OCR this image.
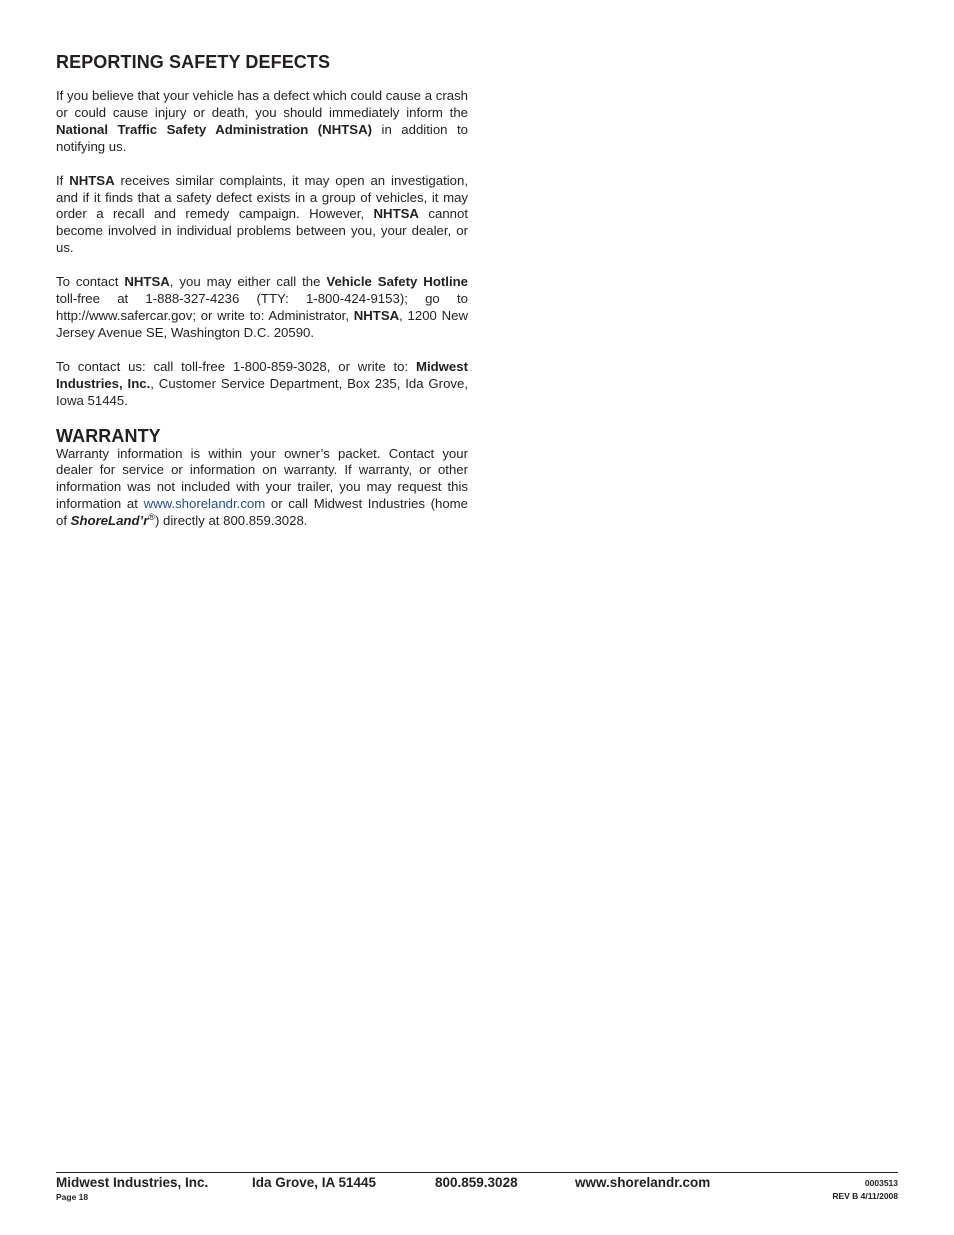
REPORTING SAFETY DEFECTS

If you believe that your vehicle has a defect which could cause a crash or could cause injury or death, you should immediately inform the National Traffic Safety Administration (NHTSA) in addition to notifying us.

If NHTSA receives similar complaints, it may open an investigation, and if it finds that a safety defect exists in a group of vehicles, it may order a recall and remedy campaign. However, NHTSA cannot become involved in individual problems between you, your dealer, or us.

To contact NHTSA, you may either call the Vehicle Safety Hotline toll-free at 1-888-327-4236 (TTY: 1-800-424-9153); go to http://www.safercar.gov; or write to: Administrator, NHTSA, 1200 New Jersey Avenue SE, Washington D.C. 20590.

To contact us: call toll-free 1-800-859-3028, or write to: Midwest Industries, Inc., Customer Service Department, Box 235, Ida Grove, Iowa 51445.

WARRANTY

Warranty information is within your owner’s packet. Contact your dealer for service or information on warranty. If warranty, or other information was not included with your trailer, you may request this information at www.shorelandr.com or call Midwest Industries (home of ShoreLand’r®) directly at 800.859.3028.

Midwest Industries, Inc.	Ida Grove, IA 51445	800.859.3028	www.shorelandr.com
Page 18
0003513
REV B 4/11/2008
